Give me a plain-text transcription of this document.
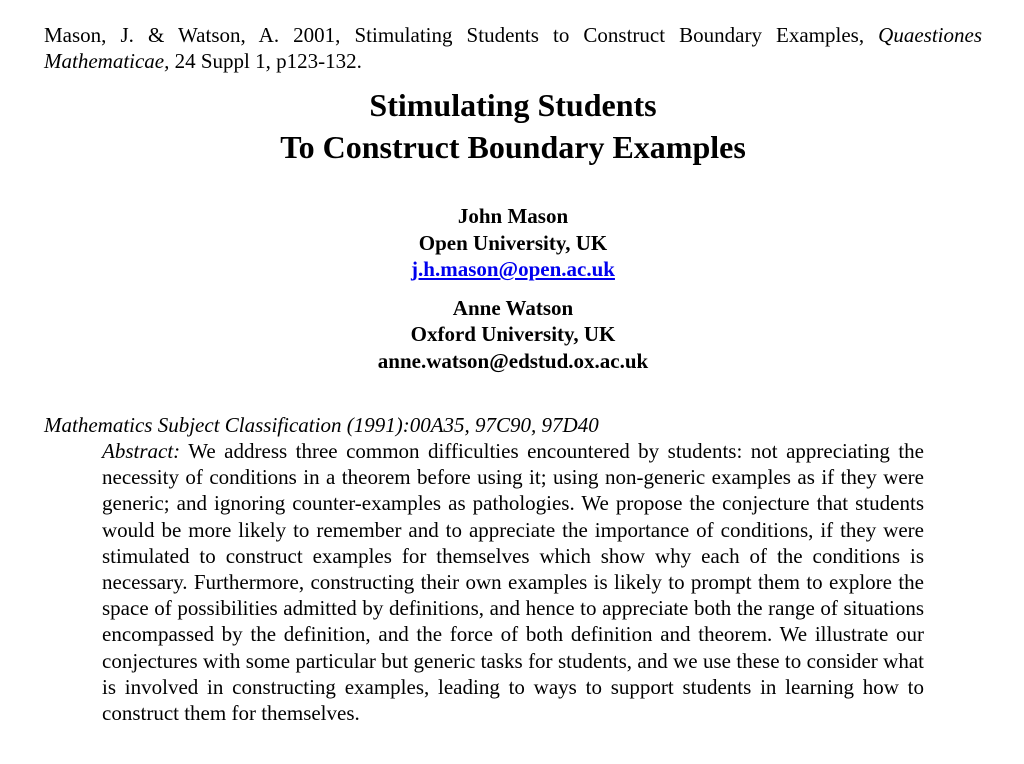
Mason, J. & Watson, A. 2001, Stimulating Students to Construct Boundary Examples, Quaestiones Mathematicae, 24 Suppl 1, p123-132.
Stimulating Students
To Construct Boundary Examples
John Mason
Open University, UK
j.h.mason@open.ac.uk
Anne Watson
Oxford University, UK
anne.watson@edstud.ox.ac.uk
Mathematics Subject Classification (1991):00A35, 97C90, 97D40
Abstract: We address three common difficulties encountered by students: not appreciating the necessity of conditions in a theorem before using it; using non-generic examples as if they were generic; and ignoring counter-examples as pathologies. We propose the conjecture that students would be more likely to remember and to appreciate the importance of conditions, if they were stimulated to construct examples for themselves which show why each of the conditions is necessary. Furthermore, constructing their own examples is likely to prompt them to explore the space of possibilities admitted by definitions, and hence to appreciate both the range of situations encompassed by the definition, and the force of both definition and theorem. We illustrate our conjectures with some particular but generic tasks for students, and we use these to consider what is involved in constructing examples, leading to ways to support students in learning how to construct them for themselves.
